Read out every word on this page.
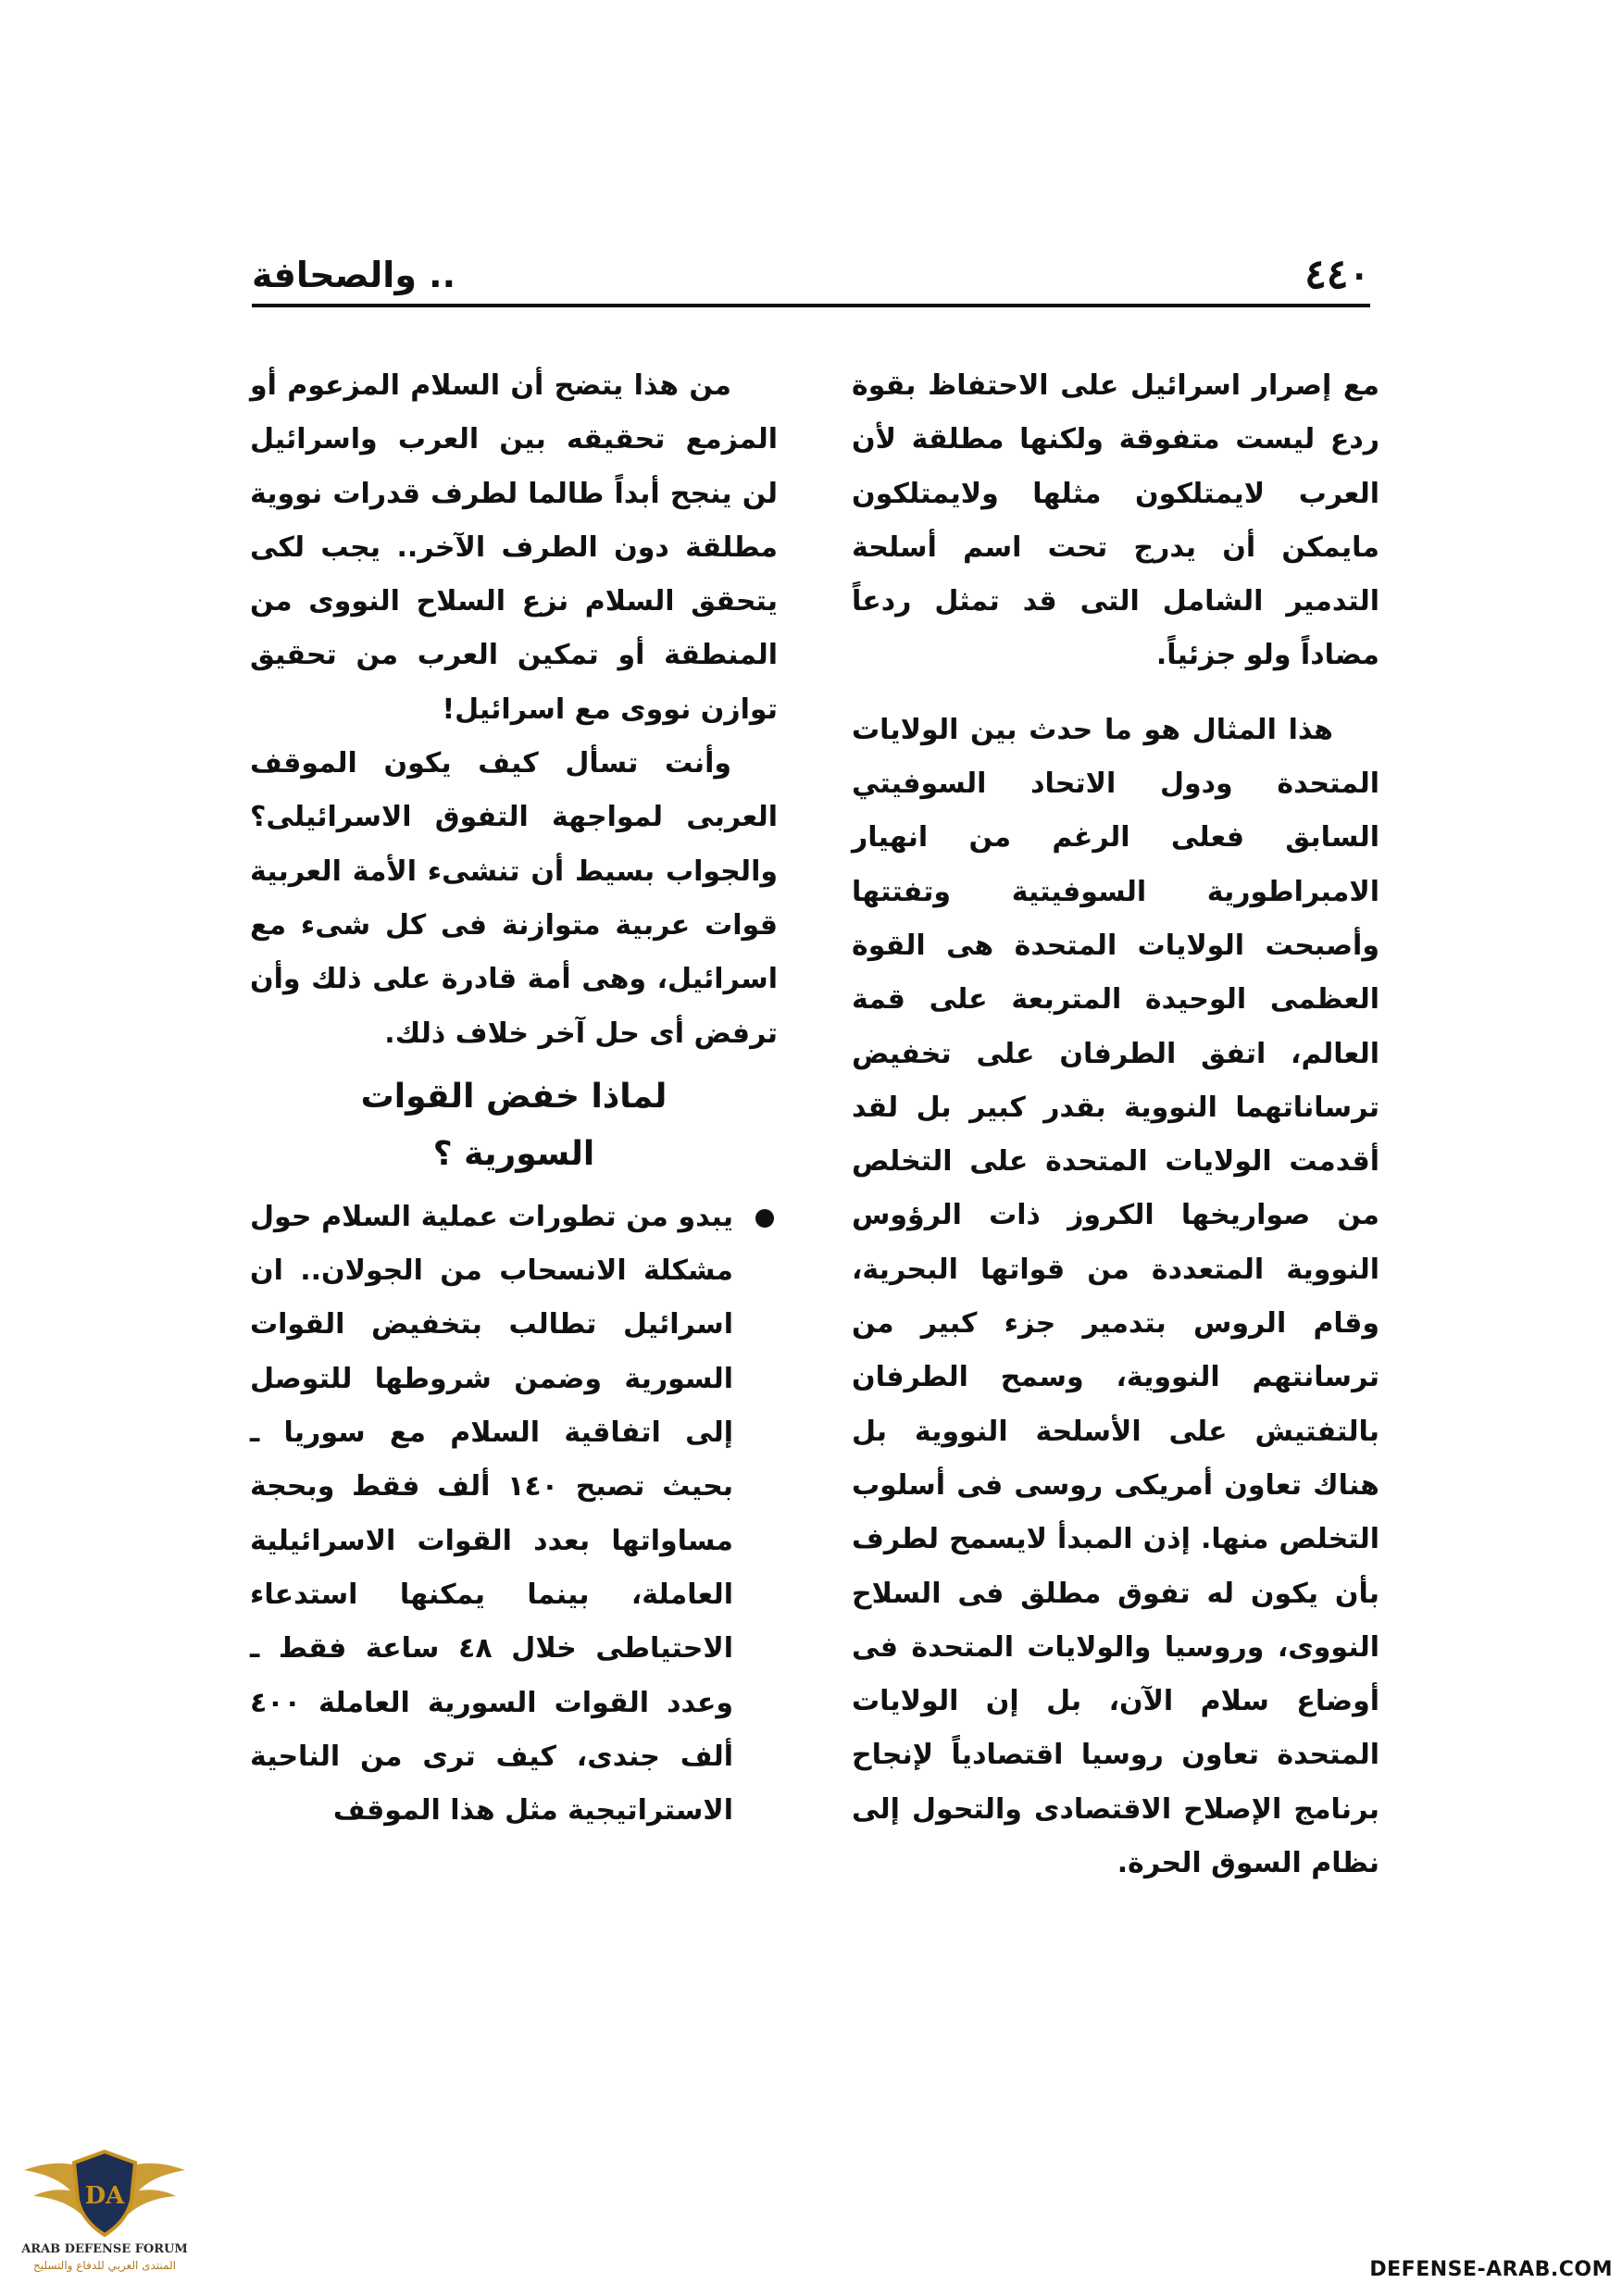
٤٤٠
.. والصحافة

مع إصرار اسرائيل على الاحتفاظ بقوة ردع ليست متفوقة ولكنها مطلقة لأن العرب لايمتلكون مثلها ولايمتلكون مايمكن أن يدرج تحت اسم أسلحة التدمير الشامل التى قد تمثل ردعاً مضاداً ولو جزئياً.

هذا المثال هو ما حدث بين الولايات المتحدة ودول الاتحاد السوفيتي السابق فعلى الرغم من انهيار الامبراطورية السوفيتية وتفتتها وأصبحت الولايات المتحدة هى القوة العظمى الوحيدة المتربعة على قمة العالم، اتفق الطرفان على تخفيض ترساناتهما النووية بقدر كبير بل لقد أقدمت الولايات المتحدة على التخلص من صواريخها الكروز ذات الرؤوس النووية المتعددة من قواتها البحرية، وقام الروس بتدمير جزء كبير من ترسانتهم النووية، وسمح الطرفان بالتفتيش على الأسلحة النووية بل هناك تعاون أمريكى روسى فى أسلوب التخلص منها. إذن المبدأ لايسمح لطرف بأن يكون له تفوق مطلق فى السلاح النووى، وروسيا والولايات المتحدة فى أوضاع سلام الآن، بل إن الولايات المتحدة تعاون روسيا اقتصادياً لإنجاح برنامج الإصلاح الاقتصادى والتحول إلى نظام السوق الحرة.

من هذا يتضح أن السلام المزعوم أو المزمع تحقيقه بين العرب واسرائيل لن ينجح أبداً طالما لطرف قدرات نووية مطلقة دون الطرف الآخر.. يجب لكى يتحقق السلام نزع السلاح النووى من المنطقة أو تمكين العرب من تحقيق توازن نووى مع اسرائيل!

وأنت تسأل كيف يكون الموقف العربى لمواجهة التفوق الاسرائيلى؟ والجواب بسيط أن تنشىء الأمة العربية قوات عربية متوازنة فى كل شىء مع اسرائيل، وهى أمة قادرة على ذلك وأن ترفض أى حل آخر خلاف ذلك.

لماذا خفض القوات
السورية ؟

يبدو من تطورات عملية السلام حول مشكلة الانسحاب من الجولان.. ان اسرائيل تطالب بتخفيض القوات السورية وضمن شروطها للتوصل إلى اتفاقية السلام مع سوريا ـ بحيث تصبح ١٤٠ ألف فقط وبحجة مساواتها بعدد القوات الاسرائيلية العاملة، بينما يمكنها استدعاء الاحتياطى خلال ٤٨ ساعة فقط ـ وعدد القوات السورية العاملة ٤٠٠ ألف جندى، كيف ترى من الناحية الاستراتيجية مثل هذا الموقف

DA
ARAB DEFENSE FORUM
المنتدى العربي للدفاع والتسليح	DEFENSE-ARAB.COM
